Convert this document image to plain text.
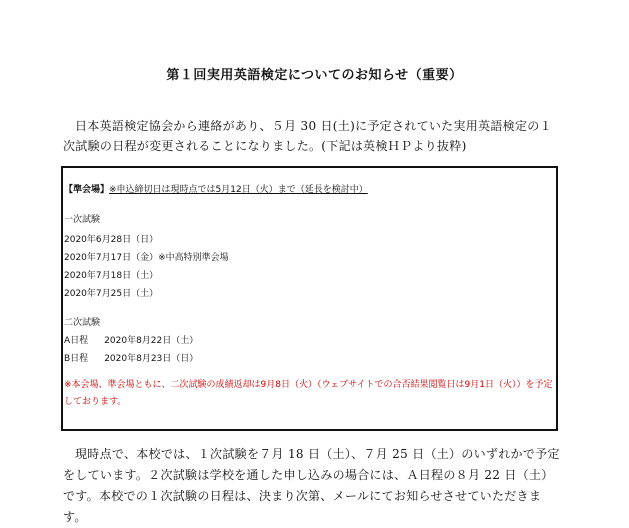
第１回実用英語検定についてのお知らせ（重要）
日本英語検定協会から連絡があり、５月 30 日(土)に予定されていた実用英語検定の１次試験の日程が変更されることになりました。(下記は英検ＨＰより抜粋)
【準会場】※申込締切日は現時点では5月12日（火）まで（延長を検討中）
一次試験
2020年6月28日（日）
2020年7月17日（金）※中高特別準会場
2020年7月18日（土）
2020年7月25日（土）
二次試験
A日程 2020年8月22日（土）
B日程 2020年8月23日（日）
※本会場、準会場ともに、二次試験の成績返却は9月8日（火）（ウェブサイトでの合否結果閲覧日は9月1日（火））を予定しております。
現時点で、本校では、１次試験を７月 18 日（土）、７月 25 日（土）のいずれかで予定をしています。２次試験は学校を通した申し込みの場合には、Ａ日程の８月 22 日（土）です。本校での１次試験の日程は、決まり次第、メールにてお知らせさせていただきます。
